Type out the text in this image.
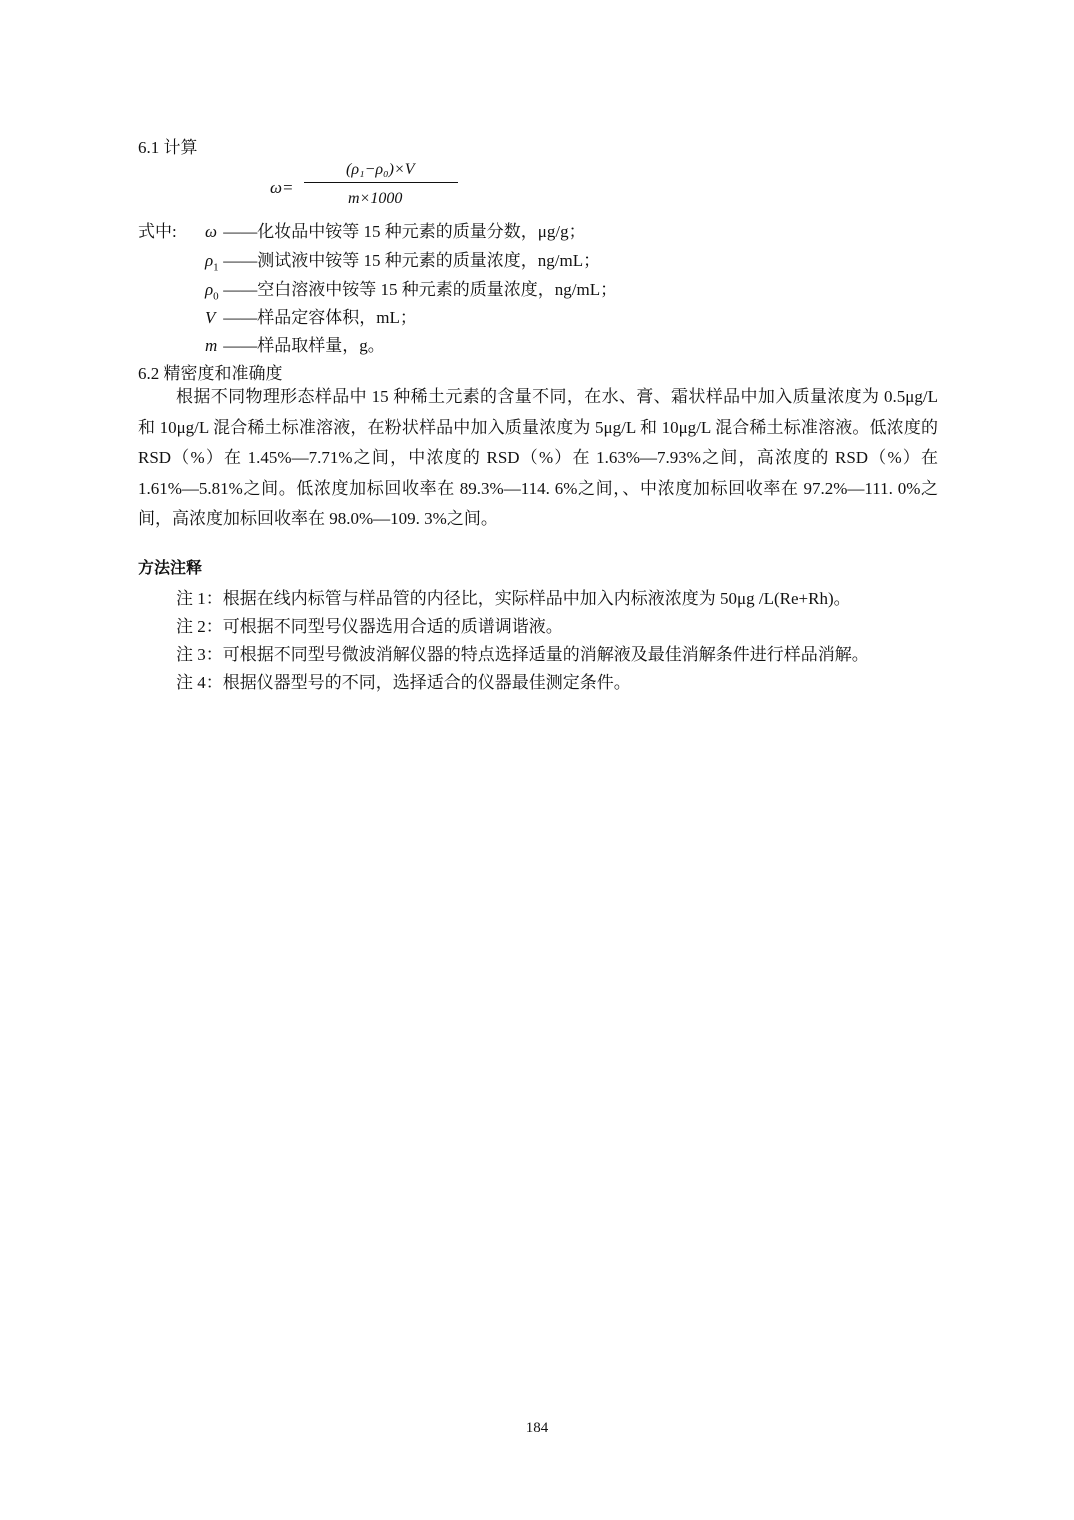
6.1 计算
ω=
(ρ₁−ρ₀)×V
m×1000
式中: ω ——化妆品中铵等 15 种元素的质量分数，μg/g；
$\rho_1$ ——测试液中铵等 15 种元素的质量浓度，ng/mL；
$\rho_0$ ——空白溶液中铵等 15 种元素的质量浓度，ng/mL；
V ——样品定容体积，mL；
m ——样品取样量，g。
6.2 精密度和准确度
根据不同物理形态样品中 15 种稀土元素的含量不同，在水、膏、霜状样品中加入质量浓度为 0.5μg/L 和 10μg/L 混合稀土标准溶液，在粉状样品中加入质量浓度为 5μg/L 和 10μg/L 混合稀土标准溶液。低浓度的 RSD（%）在 1.45%—7.71%之间，中浓度的 RSD（%）在 1.63%—7.93%之间，高浓度的 RSD（%）在 1.61%—5.81%之间。低浓度加标回收率在 89.3%—114. 6%之间，、中浓度加标回收率在 97.2%—111. 0%之间，高浓度加标回收率在 98.0%—109. 3%之间。
方法注释
注 1：根据在线内标管与样品管的内径比，实际样品中加入内标液浓度为 50μg /L(Re+Rh)。
注 2：可根据不同型号仪器选用合适的质谱调谐液。
注 3：可根据不同型号微波消解仪器的特点选择适量的消解液及最佳消解条件进行样品消解。
注 4：根据仪器型号的不同，选择适合的仪器最佳测定条件。
184
